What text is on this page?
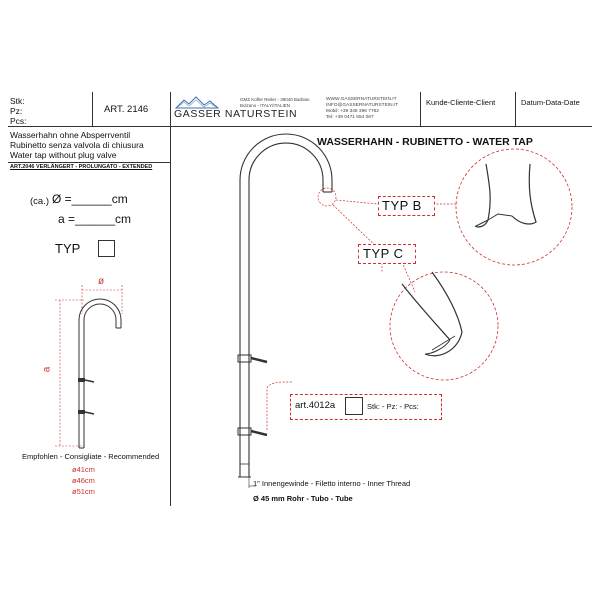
Stk:
Pz:
Pcs:
ART. 2146 GASSER NATURSTEIN
GMZ Kofler Reiter - 39040 Barbian
Bolzano - ITALY/ITALIEN
WWW.GASSERNATURSTEIN.IT
INFO@GASSERNATURSTEIN.IT
Mobil: +39 348 396 7762
Tel: +39 0471 654 087
Kunde-Cliente-Client	Datum-Data-Date
Wasserhahn ohne Absperrventil
Rubinetto senza valvola di chiusura
Water tap without plug valve
ART.2046 VERLÄNGERT - PROLUNGATO - EXTENDED
(ca.) Ø =______cm
a =______cm
TYP
ø
a
Empfohlen - Consigliate - Recommended
ø41cm
ø46cm
ø51cm
WASSERHAHN - RUBINETTO - WATER TAP
TYP B
TYP C
art.4012a	Stk: - Pz: - Pcs:
1" Innengewinde - Filetto interno - Inner Thread
Ø 45 mm Rohr - Tubo - Tube
